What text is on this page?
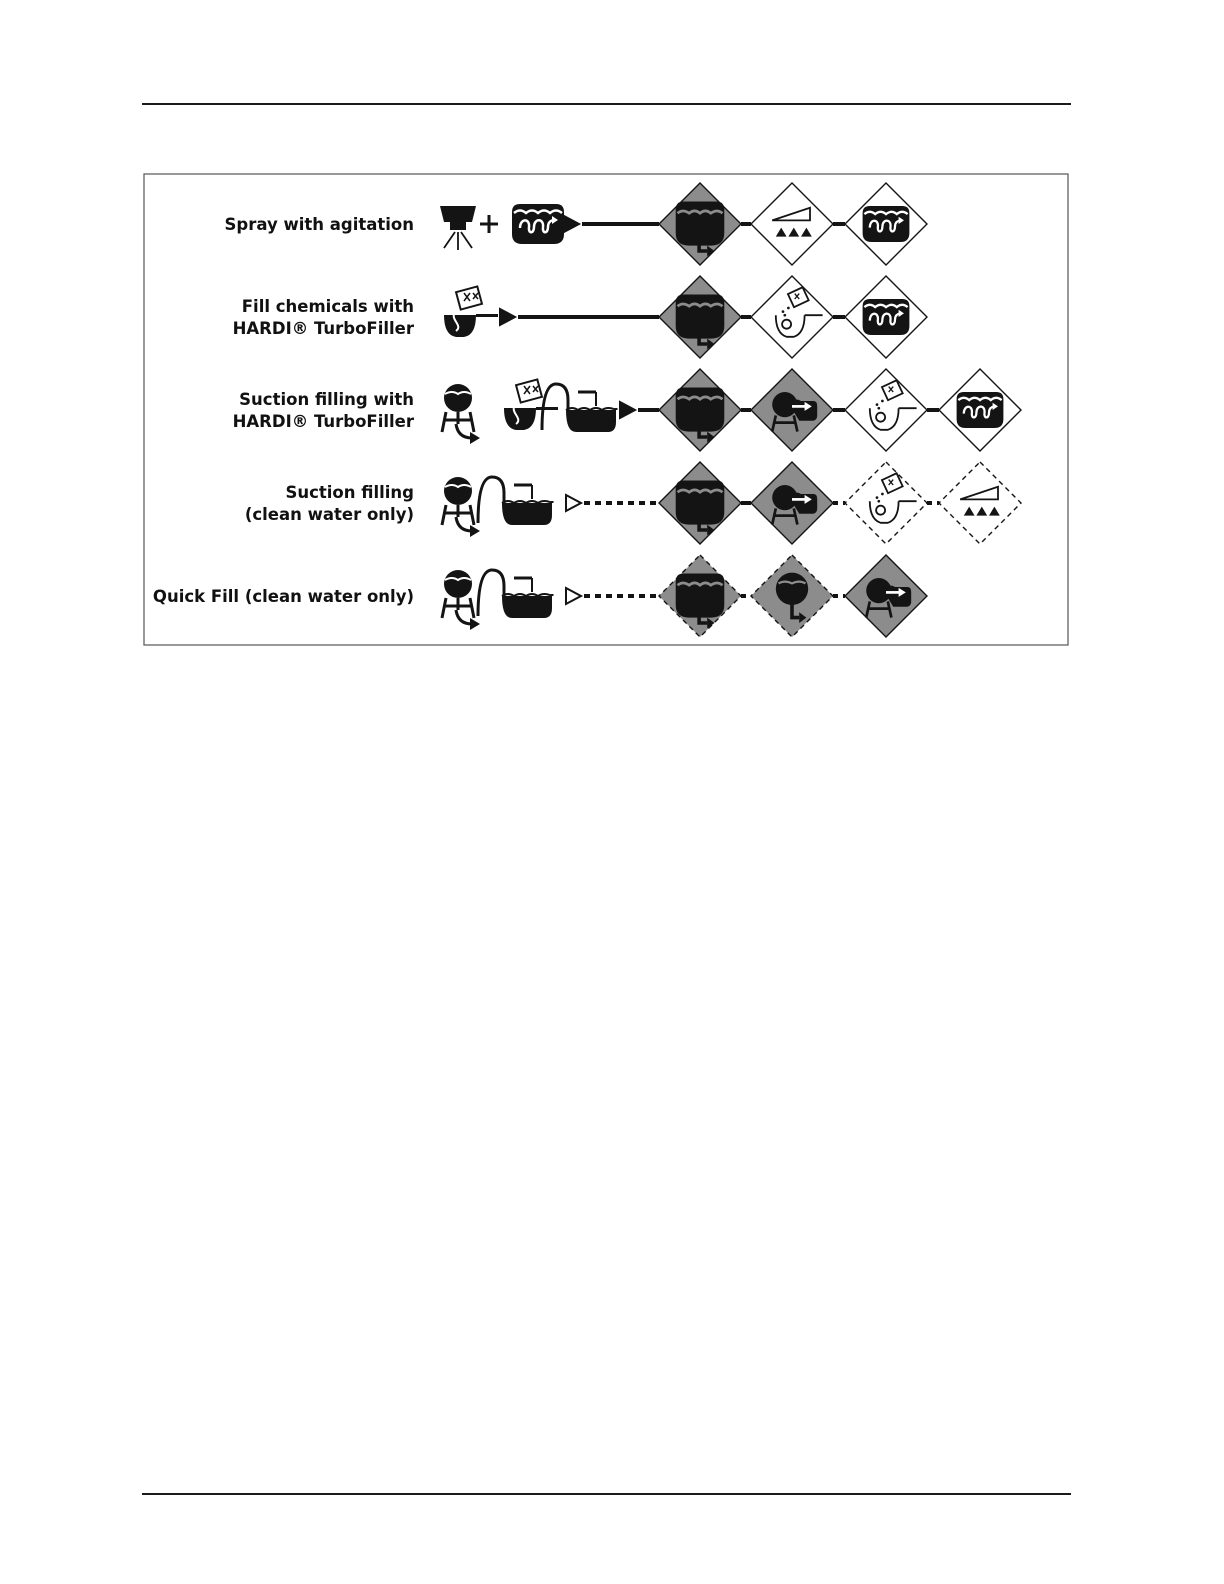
Spray with agitation
Fill chemicals with
HARDI® TurboFiller
Suction filling with
HARDI® TurboFiller
Suction filling
(clean water only)
Quick Fill (clean water only)
